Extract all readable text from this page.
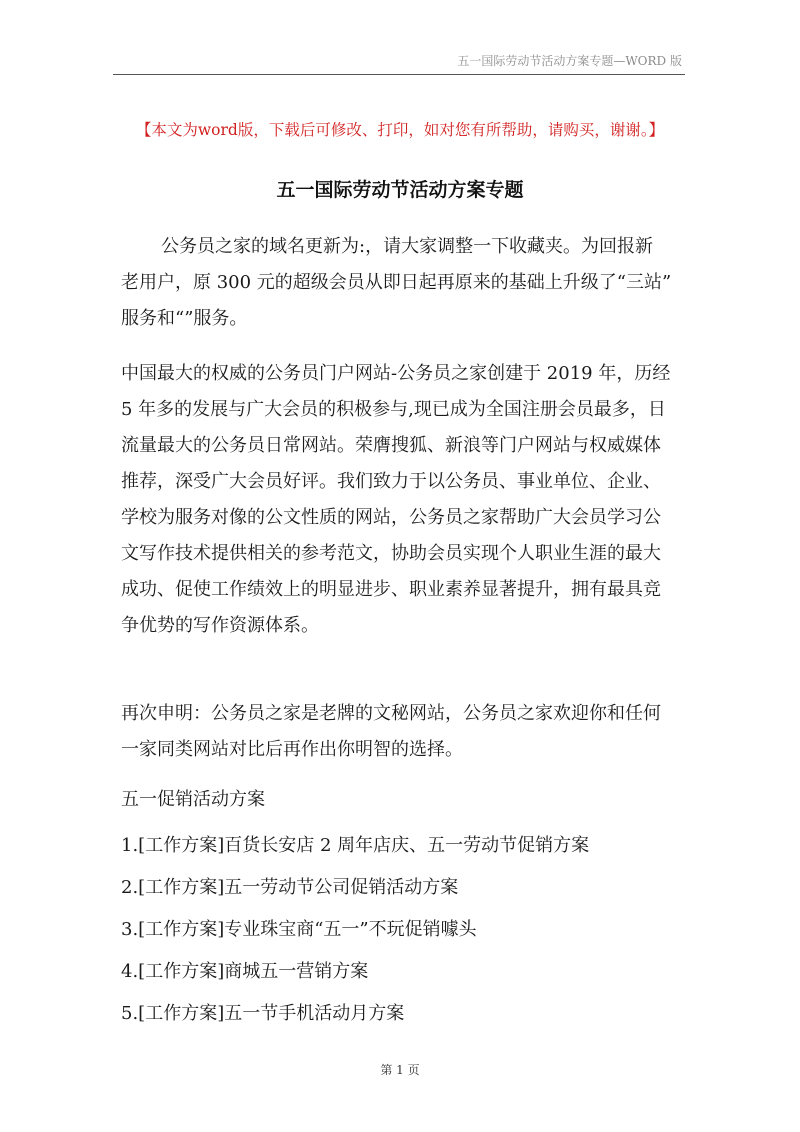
五一国际劳动节活动方案专题—WORD 版
【本文为word版，下载后可修改、打印，如对您有所帮助，请购买，谢谢。】
五一国际劳动节活动方案专题
公务员之家的域名更新为:，请大家调整一下收藏夹。为回报新
老用户，原 300 元的超级会员从即日起再原来的基础上升级了“三站”
服务和“”服务。
中国最大的权威的公务员门户网站-公务员之家创建于 2019 年，历经
5 年多的发展与广大会员的积极参与,现已成为全国注册会员最多，日
流量最大的公务员日常网站。荣膺搜狐、新浪等门户网站与权威媒体
推荐，深受广大会员好评。我们致力于以公务员、事业单位、企业、
学校为服务对像的公文性质的网站，公务员之家帮助广大会员学习公
文写作技术提供相关的参考范文，协助会员实现个人职业生涯的最大
成功、促使工作绩效上的明显进步、职业素养显著提升，拥有最具竞
争优势的写作资源体系。
再次申明：公务员之家是老牌的文秘网站，公务员之家欢迎你和任何
一家同类网站对比后再作出你明智的选择。
五一促销活动方案
1.[工作方案]百货长安店 2 周年店庆、五一劳动节促销方案
2.[工作方案]五一劳动节公司促销活动方案
3.[工作方案]专业珠宝商“五一”不玩促销噱头
4.[工作方案]商城五一营销方案
5.[工作方案]五一节手机活动月方案
第 1 页
